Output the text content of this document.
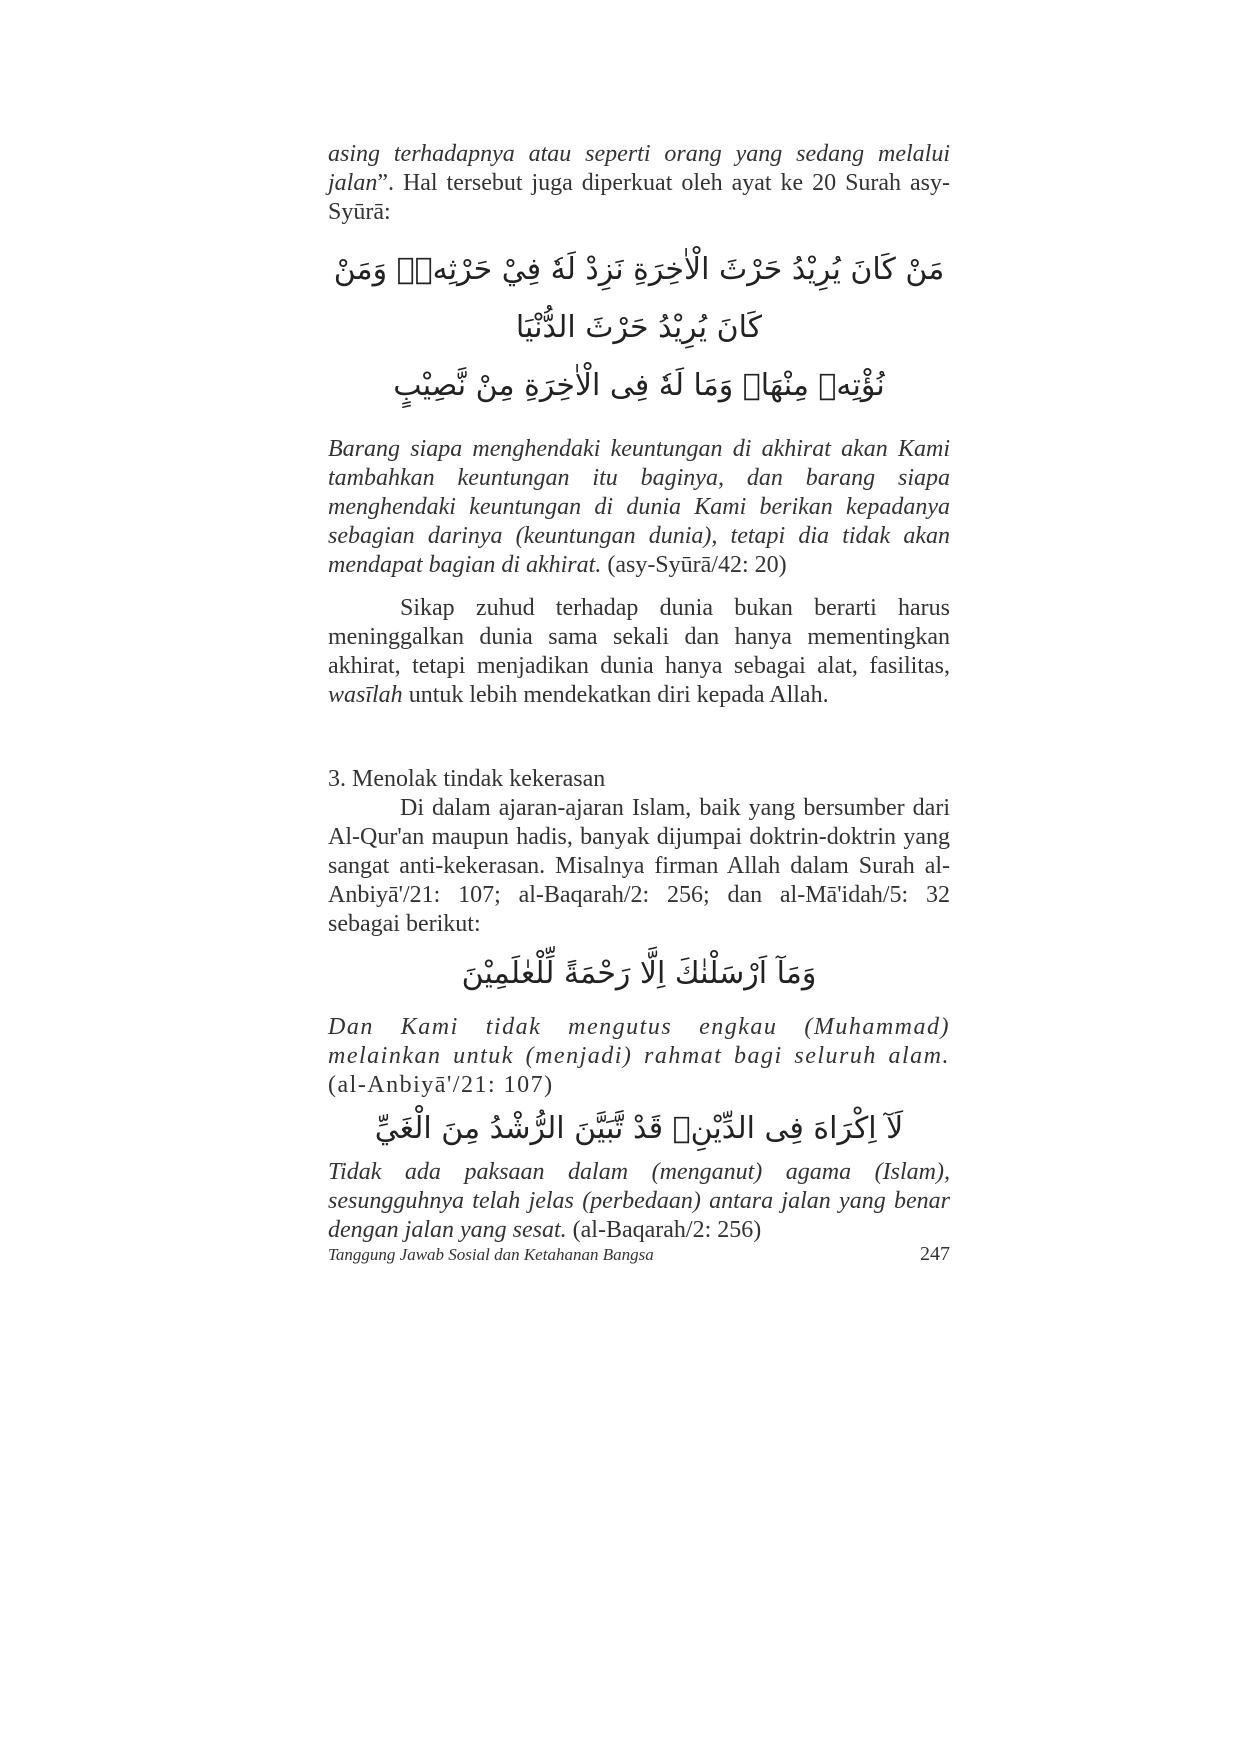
asing terhadapnya atau seperti orang yang sedang melalui jalan”. Hal tersebut juga diperkuat oleh ayat ke 20 Surah asy-Syūrā:

مَنْ كَانَ يُرِيْدُ حَرْثَ الْاٰخِرَةِ نَزِدْ لَهٗ فِيْ حَرْثِهٖۚ وَمَنْ كَانَ يُرِيْدُ حَرْثَ الدُّنْيَا
نُؤْتِهٖ مِنْهَاۙ وَمَا لَهٗ فِى الْاٰخِرَةِ مِنْ نَّصِيْبٍ

Barang siapa menghendaki keuntungan di akhirat akan Kami tambahkan keuntungan itu baginya, dan barang siapa menghendaki keuntungan di dunia Kami berikan kepadanya sebagian darinya (keuntungan dunia), tetapi dia tidak akan mendapat bagian di akhirat. (asy-Syūrā/42: 20)

Sikap zuhud terhadap dunia bukan berarti harus meninggalkan dunia sama sekali dan hanya mementingkan akhirat, tetapi menjadikan dunia hanya sebagai alat, fasilitas, wasīlah untuk lebih mendekatkan diri kepada Allah.

3. Menolak tindak kekerasan

Di dalam ajaran-ajaran Islam, baik yang bersumber dari Al-Qur'an maupun hadis, banyak dijumpai doktrin-doktrin yang sangat anti-kekerasan. Misalnya firman Allah dalam Surah al-Anbiyā'/21: 107; al-Baqarah/2: 256; dan al-Mā'idah/5: 32 sebagai berikut:

وَمَآ اَرْسَلْنٰكَ اِلَّا رَحْمَةً لِّلْعٰلَمِيْنَ

Dan Kami tidak mengutus engkau (Muhammad) melainkan untuk (menjadi) rahmat bagi seluruh alam. (al-Anbiyā'/21: 107)

لَآ اِكْرَاهَ فِى الدِّيْنِۗ قَدْ تَّبَيَّنَ الرُّشْدُ مِنَ الْغَيِّ

Tidak ada paksaan dalam (menganut) agama (Islam), sesungguhnya telah jelas (perbedaan) antara jalan yang benar dengan jalan yang sesat. (al-Baqarah/2: 256)

Tanggung Jawab Sosial dan Ketahanan Bangsa	247
